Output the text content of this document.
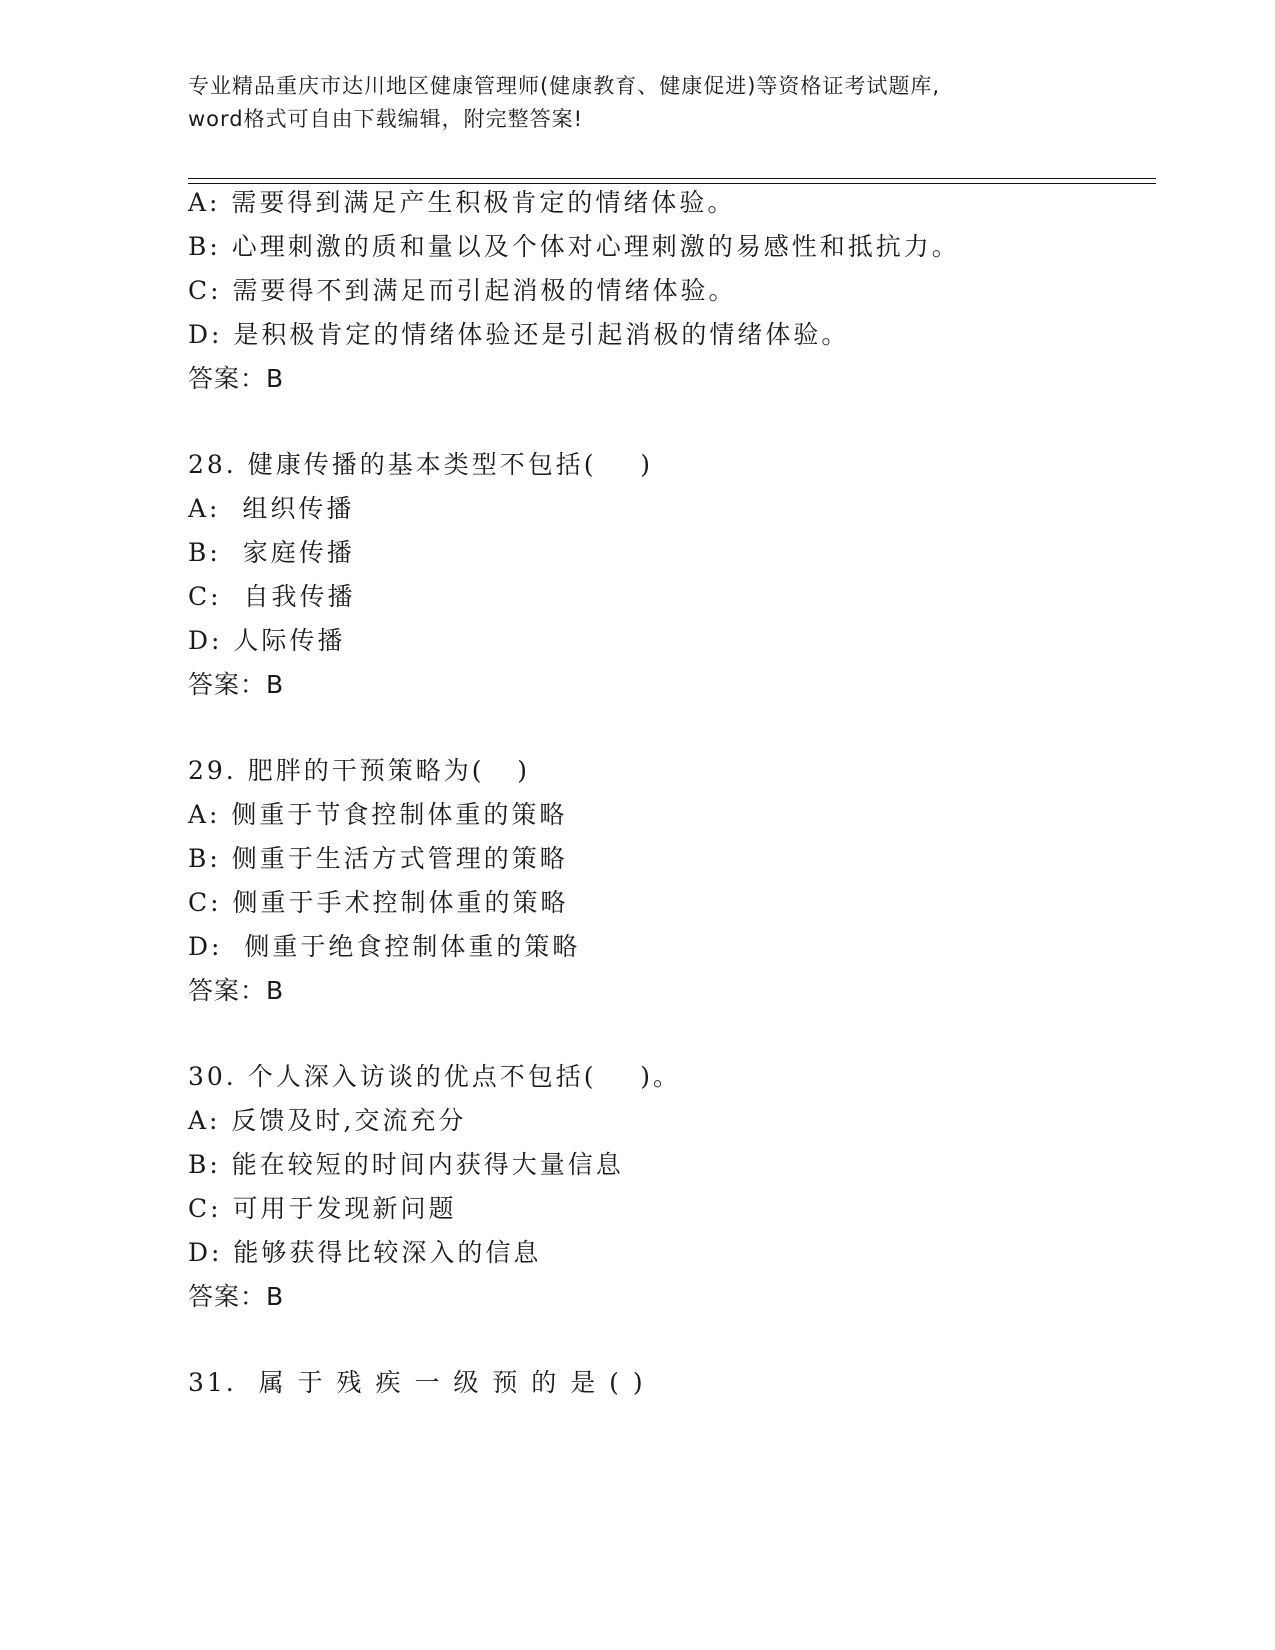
专业精品重庆市达川地区健康管理师(健康教育、健康促进)等资格证考试题库,
word格式可自由下载编辑，附完整答案!
A: 需要得到满足产生积极肯定的情绪体验。
B: 心理刺激的质和量以及个体对心理刺激的易感性和抵抗力。
C: 需要得不到满足而引起消极的情绪体验。
D: 是积极肯定的情绪体验还是引起消极的情绪体验。
答案：B
28. 健康传播的基本类型不包括(    )
A:  组织传播
B:  家庭传播
C:  自我传播
D: 人际传播
答案：B
29. 肥胖的干预策略为(   )
A: 侧重于节食控制体重的策略
B: 侧重于生活方式管理的策略
C: 侧重于手术控制体重的策略
D:  侧重于绝食控制体重的策略
答案：B
30. 个人深入访谈的优点不包括(    )。
A: 反馈及时,交流充分
B: 能在较短的时间内获得大量信息
C: 可用于发现新问题
D: 能够获得比较深入的信息
答案：B
31.  属 于 残 疾 一 级 预 的 是 ( )
